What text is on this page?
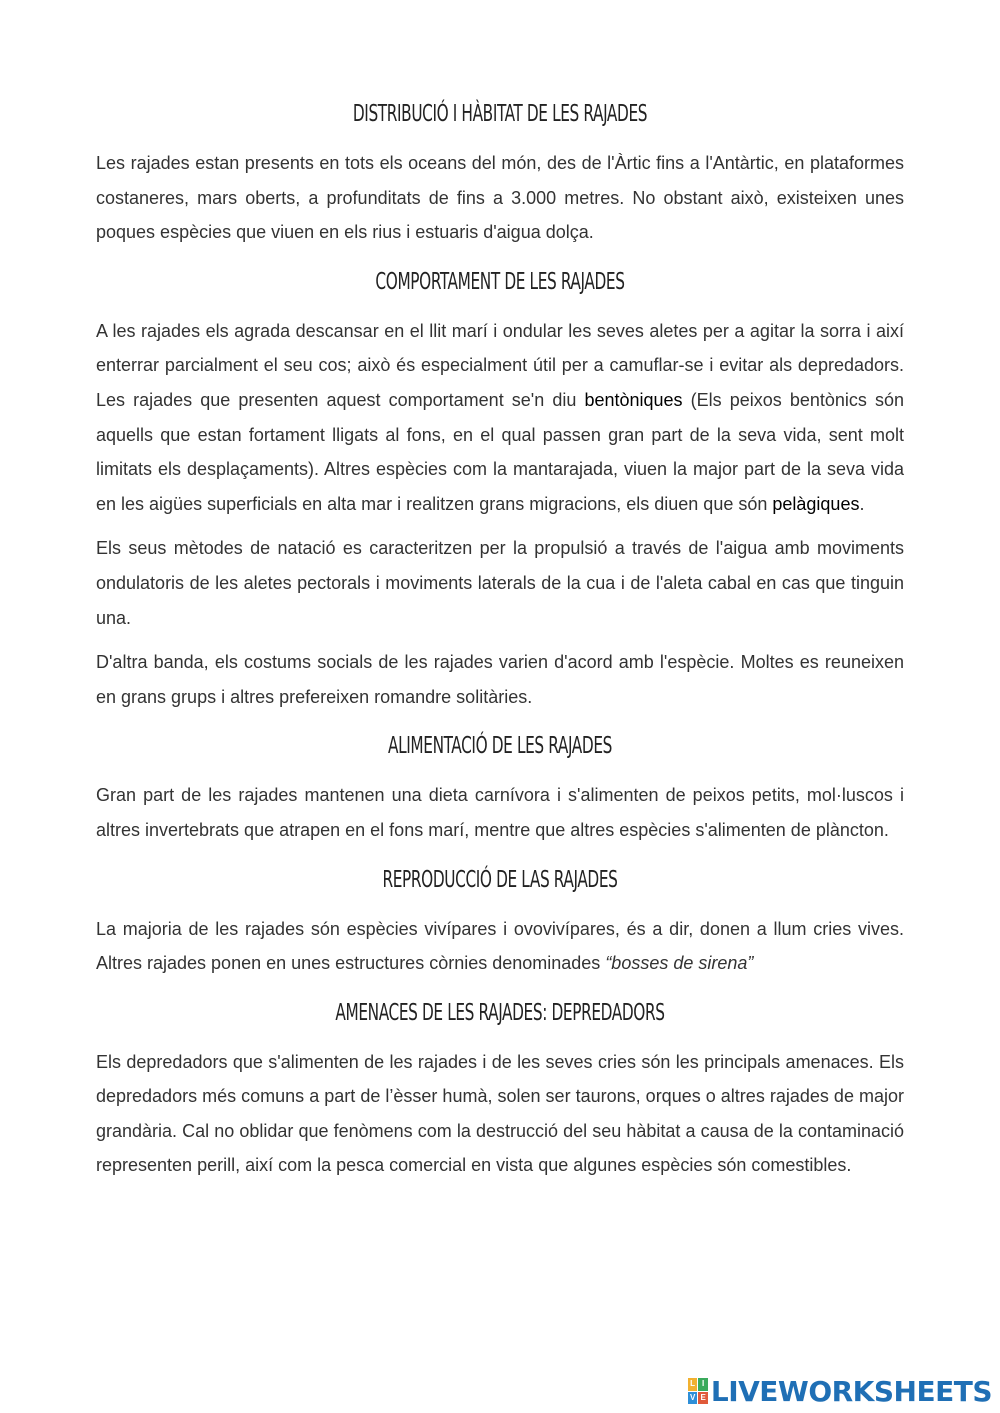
DISTRIBUCIÓ I HÀBITAT DE LES RAJADES

Les rajades estan presents en tots els oceans del món, des de l'Àrtic fins a l'Antàrtic, en plataformes costaneres, mars oberts, a profunditats de fins a 3.000 metres. No obstant això, existeixen unes poques espècies que viuen en els rius i estuaris d'aigua dolça.

COMPORTAMENT DE LES RAJADES

A les rajades els agrada descansar en el llit marí i ondular les seves aletes per a agitar la sorra i així enterrar parcialment el seu cos; això és especialment útil per a camuflar-se i evitar als depredadors. Les rajades que presenten aquest comportament se'n diu bentòniques (Els peixos bentònics són aquells que estan fortament lligats al fons, en el qual passen gran part de la seva vida, sent molt limitats els desplaçaments). Altres espècies com la mantarajada, viuen la major part de la seva vida en les aigües superficials en alta mar i realitzen grans migracions, els diuen que són pelàgiques.

Els seus mètodes de natació es caracteritzen per la propulsió a través de l'aigua amb moviments ondulatoris de les aletes pectorals i moviments laterals de la cua i de l'aleta cabal en cas que tinguin una.

D'altra banda, els costums socials de les rajades varien d'acord amb l'espècie. Moltes es reuneixen en grans grups i altres prefereixen romandre solitàries.

ALIMENTACIÓ DE LES RAJADES

Gran part de les rajades mantenen una dieta carnívora i s'alimenten de peixos petits, mol·luscos i altres invertebrats que atrapen en el fons marí, mentre que altres espècies s'alimenten de plàncton.

REPRODUCCIÓ DE LAS RAJADES

La majoria de les rajades són espècies vivípares i ovovivípares, és a dir, donen a llum cries vives. Altres rajades ponen en unes estructures còrnies denominades “bosses de sirena”

AMENACES DE LES RAJADES: DEPREDADORS

Els depredadors que s'alimenten de les rajades i de les seves cries són les principals amenaces. Els depredadors més comuns a part de l’èsser humà, solen ser taurons, orques o altres rajades de major grandària. Cal no oblidar que fenòmens com la destrucció del seu hàbitat a causa de la contaminació representen perill, així com la pesca comercial en vista que algunes espècies són comestibles.

L I
V E LIVEWORKSHEETS
